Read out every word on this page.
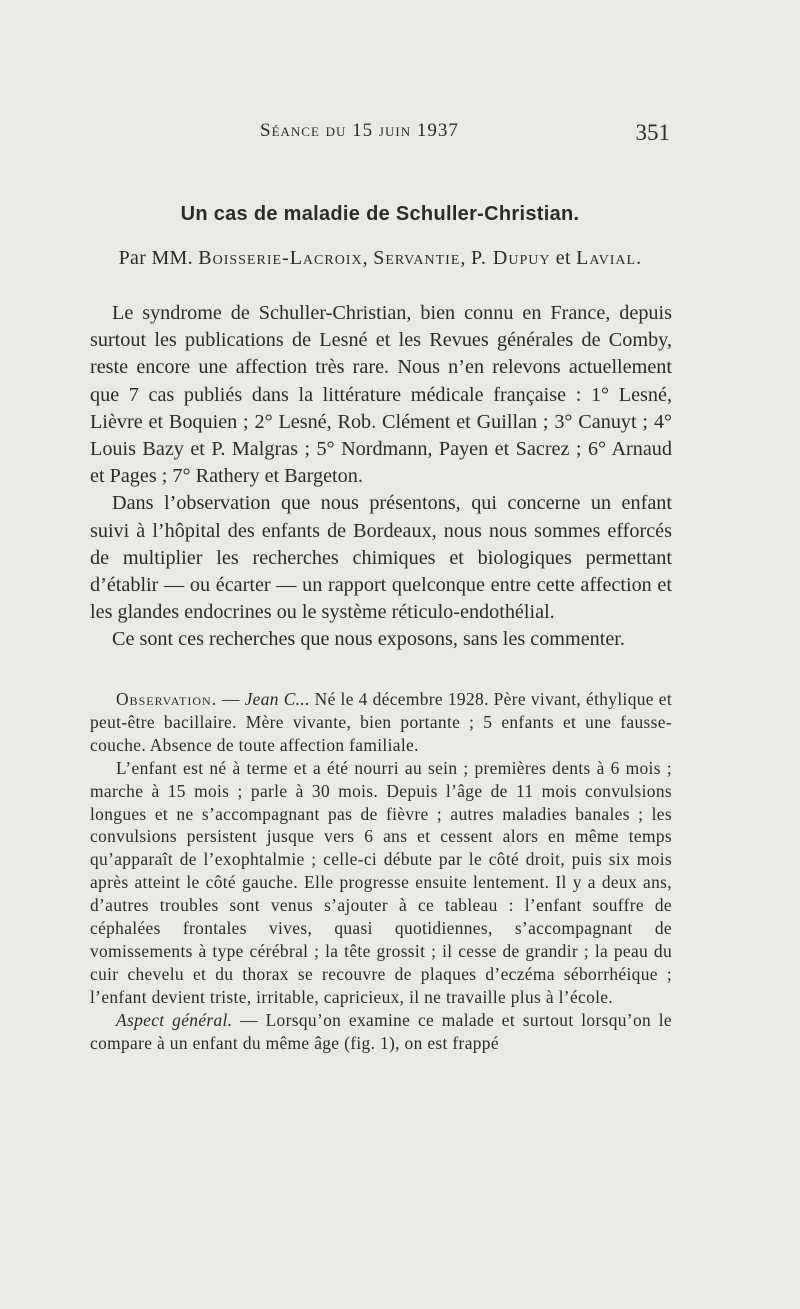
Séance du 15 juin 1937	351
Un cas de maladie de Schuller-Christian.
Par MM. Boisserie-Lacroix, Servantie, P. Dupuy et Lavial.

Le syndrome de Schuller-Christian, bien connu en France, depuis surtout les publications de Lesné et les Revues générales de Comby, reste encore une affection très rare. Nous n’en relevons actuellement que 7 cas publiés dans la littérature médicale française : 1° Lesné, Lièvre et Boquien ; 2° Lesné, Rob. Clément et Guillan ; 3° Canuyt ; 4° Louis Bazy et P. Malgras ; 5° Nordmann, Payen et Sacrez ; 6° Arnaud et Pages ; 7° Rathery et Bargeton.

Dans l’observation que nous présentons, qui concerne un enfant suivi à l’hôpital des enfants de Bordeaux, nous nous sommes efforcés de multiplier les recherches chimiques et biologiques permettant d’établir — ou écarter — un rapport quelconque entre cette affection et les glandes endocrines ou le système réticulo-endothélial.

Ce sont ces recherches que nous exposons, sans les commenter.

Observation. — Jean C... Né le 4 décembre 1928. Père vivant, éthylique et peut-être bacillaire. Mère vivante, bien portante ; 5 enfants et une fausse-couche. Absence de toute affection familiale.

L’enfant est né à terme et a été nourri au sein ; premières dents à 6 mois ; marche à 15 mois ; parle à 30 mois. Depuis l’âge de 11 mois convulsions longues et ne s’accompagnant pas de fièvre ; autres maladies banales ; les convulsions persistent jusque vers 6 ans et cessent alors en même temps qu’apparaît de l’exophtalmie ; celle-ci débute par le côté droit, puis six mois après atteint le côté gauche. Elle progresse ensuite lentement. Il y a deux ans, d’autres troubles sont venus s’ajouter à ce tableau : l’enfant souffre de céphalées frontales vives, quasi quotidiennes, s’accompagnant de vomissements à type cérébral ; la tête grossit ; il cesse de grandir ; la peau du cuir chevelu et du thorax se recouvre de plaques d’eczéma séborrhéique ; l’enfant devient triste, irritable, capricieux, il ne travaille plus à l’école.

Aspect général. — Lorsqu’on examine ce malade et surtout lorsqu’on le compare à un enfant du même âge (fig. 1), on est frappé
